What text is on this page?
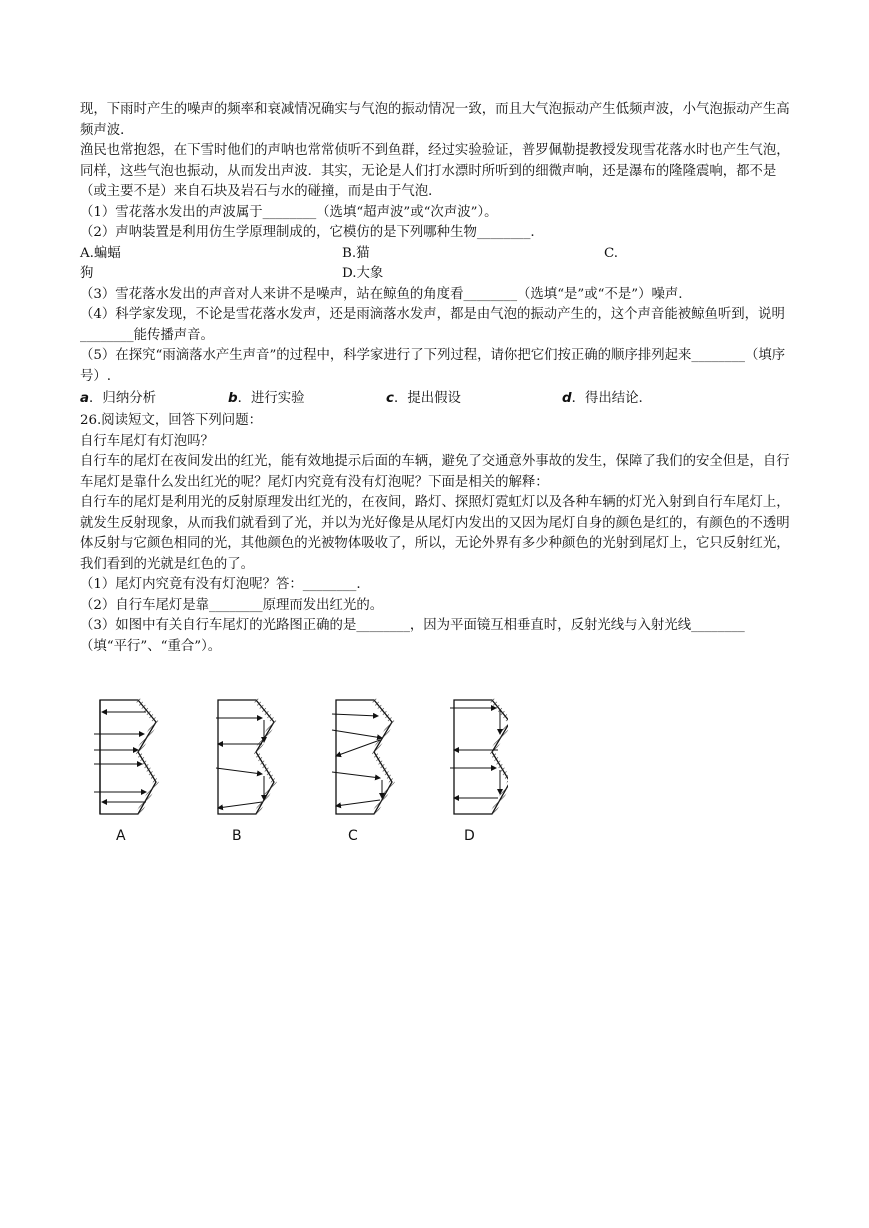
现，下雨时产生的噪声的频率和衰减情况确实与气泡的振动情况一致，而且大气泡振动产生低频声波，小气泡振动产生高频声波．

渔民也常抱怨，在下雪时他们的声呐也常常侦听不到鱼群，经过实验验证，普罗佩勒提教授发现雪花落水时也产生气泡，同样，这些气泡也振动，从而发出声波．其实，无论是人们打水漂时所听到的细微声响，还是瀑布的隆隆震响，都不是（或主要不是）来自石块及岩石与水的碰撞，而是由于气泡．

（1）雪花落水发出的声波属于________（选填“超声波”或“次声波”）。

（2）声呐装置是利用仿生学原理制成的，它模仿的是下列哪种生物________.

A.蝙蝠	B.猫	C.
狗	D.大象

（3）雪花落水发出的声音对人来讲不是噪声，站在鲸鱼的角度看________（选填“是”或“不是”）噪声.

（4）科学家发现，不论是雪花落水发声，还是雨滴落水发声，都是由气泡的振动产生的，这个声音能被鲸鱼听到，说明________能传播声音。

（5）在探究“雨滴落水产生声音”的过程中，科学家进行了下列过程，请你把它们按正确的顺序排列起来________（填序号）.

a．归纳分析	b．进行实验	c．提出假设	d．得出结论.

26.阅读短文，回答下列问题：

自行车尾灯有灯泡吗？

自行车的尾灯在夜间发出的红光，能有效地提示后面的车辆，避免了交通意外事故的发生，保障了我们的安全但是，自行车尾灯是靠什么发出红光的呢？尾灯内究竟有没有灯泡呢？下面是相关的解释：

自行车的尾灯是利用光的反射原理发出红光的，在夜间，路灯、探照灯霓虹灯以及各种车辆的灯光入射到自行车尾灯上，就发生反射现象，从而我们就看到了光，并以为光好像是从尾灯内发出的又因为尾灯自身的颜色是红的，有颜色的不透明体反射与它颜色相同的光，其他颜色的光被物体吸收了，所以，无论外界有多少种颜色的光射到尾灯上，它只反射红光，我们看到的光就是红色的了。

（1）尾灯内究竟有没有灯泡呢？答：________.

（2）自行车尾灯是靠________原理而发出红光的。

（3）如图中有关自行车尾灯的光路图正确的是________，因为平面镜互相垂直时，反射光线与入射光线________（填“平行”、“重合”）。

A	B	C	D
